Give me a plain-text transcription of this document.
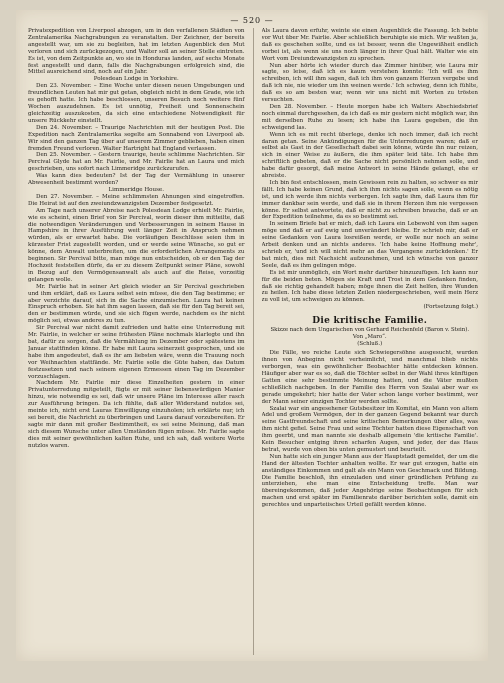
— 520 —

Privatexpedition von Liverpool abzogen, um in den verfallenen Städten von Zentralamerika Nachgrabungen zu veranstalten. Der Zeichner, der bereits angestellt war, um sie zu begleiten, hat im letzten Augenblick den Mut verloren und sich zurückgezogen, und Walter soll an seiner Stelle eintreten. Es ist, von dem Zeitpunkte an, wo sie in Honduras landen, auf sechs Monate fest angestellt und dann, falls die Nachgrabungen erfolgreich sind, die Mittel ausreichend sind, noch auf ein Jahr.

Polesdean Lodge in Yorkshire.

Den 23. November. – Eine Woche unter diesen neuen Umgebungen und freundlichen Leuten hat mir gut getan, obgleich nicht in dem Grade, wie ich es gehofft hatte. Ich habe beschlossen, unseren Besuch noch weitere fünf Wochen auszudehnen. Es ist unnötig, Freiheit und Sonnenschein gleichzeitig auszukosten, da sich eine entschiedene Notwendigkeit für unsere Rückkehr einstellt.

Den 24. November. – Traurige Nachrichten mit der heutigen Post. Die Expedition nach Zentralamerika segelte am Sonnabend von Liverpool ab. Wir sind den ganzen Tag über auf unserem Zimmer geblieben, haben einen fremden Freund verloren. Walter Hartright hat England verlassen.

Den 25. November. – Gestern traurige, heute schlimme Nachrichten. Sir Percival Glyde hat an Mr. Fairlie, und Mr. Fairlie hat an Laura und mich geschrieben, uns sofort nach Limmeridge zurückzurufen.

Was kann dies bedeuten? Ist der Tag der Vermählung in unserer Abwesenheit bestimmt worden?

Limmeridge House.

Den 27. November. – Meine schlimmsten Ahnungen sind eingetroffen. Die Heirat ist auf den zweiundzwanzigsten Dezember festgesetzt.

Am Tage nach unserer Abreise nach Polesdean Lodge erhielt Mr. Fairlie, wie es scheint, einen Brief von Sir Percival, worin dieser ihm mitteilte, daß die notwendigen Veränderungen und Verbesserungen in seinem Hause in Hampshire in ihrer Ausführung weit länger Zeit in Anspruch nehmen würden, als er erwartet habe. Die vorläufigen Beschlüsse seien ihm in kürzester Frist zugestellt worden, und er werde seine Wünsche, so gut er könne, dem Anwalt unterbreiten, um die erforderlichen Arrangements zu beginnen. Sir Percival bitte, man möge nun entscheiden, ob er den Tag der Hochzeit feststellen dürfe, da er zu diesem Zeitpunkt seiner Pläne, sowohl in Bezug auf den Vermögensanwalt als auch auf die Reise, vorzeitig gelangen wolle.

Mr. Fairlie hat in seiner Art gleich wieder an Sir Percival geschrieben und ihm erklärt, daß es Laura selbst sein müsse, die den Tag bestimme; er aber verzichte darauf, sich in die Sache einzumischen. Laura hat keinen Einspruch erhoben. Sie hat ihm sagen lassen, daß sie für den Tag bereit sei, den er bestimmen würde, und sie sich fügen werde, nachdem es ihr nicht möglich sei, etwas anderes zu tun.

Sir Percival war nicht damit zufrieden und hatte eine Unterredung mit Mr. Fairlie, in welcher er seine frühesten Pläne nochmals klarlegte und ihn bat, dafür zu sorgen, daß die Vermählung im Dezember oder spätestens im Januar stattfinden könne. Er habe mit Laura seinerzeit gesprochen, und sie habe ihm angedeutet, daß es ihr am liebsten wäre, wenn die Trauung noch vor Weihnachten stattfände. Mr. Fairlie solle die Güte haben, das Datum festzusetzen und nach seinem eigenen Ermessen einen Tag im Dezember vorzuschlagen.

Nachdem Mr. Fairlie mir diese Einzelheiten gestern in einer Privatunterredung mitgeteilt, fügte er mit seiner liebenswürdigen Manier hinzu, wie notwendig es sei, daß wir unsere Pläne im Interesse aller rasch zur Ausführung bringen. Da ich fühlte, daß aller Widerstand nutzlos sei, meinte ich, nicht erst Lauras Einwilligung einzuholen; ich erklärte nur, ich sei bereit, die Nachricht zu überbringen und Laura darauf vorzubereiten. Er sagte mir dann mit großer Bestimmtheit, es sei seine Meinung, daß man sich diesem Wunsche unter allen Umständen fügen müsse. Mr. Fairlie sagte dies mit seiner gewöhnlichen kalten Ruhe, und ich sah, daß weitere Worte nutzlos waren.

Als Laura davon erfuhr, weinte sie einen Augenblick die Fassung. Ich bebte vor Wut über Mr. Fairlie. Aber schließlich beruhigte sie mich. Wir wußten ja, daß es geschehen sollte, und es ist besser, wenn die Ungewißheit endlich vorbei ist, als wenn sie uns noch länger in ihrer Qual hält. Walter wie ein Wort vom Dreiundzwanzigsten zu sprechen.

Nun aber hörte ich wieder durch das Zimmer hinüber, wie Laura mir sagte, so leise, daß ich es kaum verstehen konnte: 'Ich will es ihm schreiben, ich will ihm sagen, daß ich ihm von ganzem Herzen vergebe und daß ich nie, nie wieder um ihn weinen werde.' Ich schwieg, denn ich fühlte, daß es so am besten war, wenn wir uns nicht mit Worten zu trösten versuchten.

Den 28. November. – Heute morgen habe ich Walters Abschiedsbrief noch einmal durchgesehen, da ich daß es mir gestern nicht möglich war, ihn mit derselben Ruhe zu lesen; ich habe ihn Laura gegeben, die ihn schweigend las.

Wenn ich es mit recht überlege, denke ich noch immer, daß ich recht daran getan. Seine Ankündigungen für die Unterredungen waren; daß er selbst als Gast in der Gesellschaft dabei sein könne, würde ihn nur reizen, sich in einer Weise zu äußern, die ihm später leid täte. Ich habe ihm schriftlich gebeten, daß er die Sache nicht persönlich nehmen solle, und habe dafür gesorgt, daß meine Antwort in seine Hände gelangt, ehe er abreiste.

Ich bin fest entschlossen, mein Gewissen rein zu halten, so schwer es mir fällt. Ich habe keinen Grund, daß ich ihm nichts sagen solle, wenn es nötig ist, und ich werde ihm nichts verbergen. Ich sagte ihm, daß Laura ihm für immer dankbar sein werde, und daß sie in ihrem Herzen ihm nie vergessen könne. Er selbst antwortete, daß er nicht zu schreiben brauche, daß er an der Expedition teilnehme, da es so bestimmt sei.

In seinem Briefe bat er mich, daß ich Laura ein Lebewohl von ihm sagen möge und daß er auf ewig und unverändert bleibe. Er schrieb mir, daß er seine Gedanken von Laura losreißen werde, er wolle nur noch an seine Arbeit denken und an nichts anderes. 'Ich habe keine Hoffnung mehr', schrieb er, 'und ich will nicht mehr an das Vergangene zurückdenken.' Er bat mich, dies mit Nachsicht aufzunehmen, und ich wünsche von ganzer Seele, daß es ihm gelingen möge.

Es ist mir unmöglich, ein Wort mehr darüber hinzuzufügen. Ich kann nur für die beiden beten. Mögen sie Kraft und Trost in dem Gedanken finden, daß sie richtig gehandelt haben; möge ihnen die Zeit helfen, ihre Wunden zu heilen. Ich habe diese letzten Zeilen niedergeschrieben, weil mein Herz zu voll ist, um schweigen zu können.

(Fortsetzung folgt.)
Die kritische Familie.
Skizze nach dem Ungarischen von Gerhard Reichenfeld (Baron v. Stein).
Von „Maro“.
(Schluß.)

Die Fälle, wo reiche Leute sich Schwiegersöhne ausgesucht, wurden ihnen von Anbeginn nicht verheimlicht, und manchmal blieb nichts verborgen, was ein gewöhnlicher Beobachter hätte entdecken können. Häufiger aber war es so, daß die Töchter selbst in der Wahl ihres künftigen Gatten eine sehr bestimmte Meinung hatten, und die Väter mußten schließlich nachgeben. In der Familie des Herrn von Szalai aber war es gerade umgekehrt; hier hatte der Vater schon lange vorher bestimmt, wer der Mann seiner einzigen Tochter werden sollte.

Szalai war ein angesehener Gutsbesitzer im Komitat, ein Mann von altem Adel und großem Vermögen, der in der ganzen Gegend bekannt war durch seine Gastfreundschaft und seine kritischen Bemerkungen über alles, was ihm nicht gefiel. Seine Frau und seine Töchter hatten diese Eigenschaft von ihm geerbt, und man nannte sie deshalb allgemein 'die kritische Familie'. Kein Besucher entging ihren scharfen Augen, und jeder, der das Haus betrat, wurde von oben bis unten gemustert und beurteilt.

Nun hatte sich ein junger Mann aus der Hauptstadt gemeldet, der um die Hand der ältesten Tochter anhalten wollte. Er war gut erzogen, hatte ein anständiges Einkommen und galt als ein Mann von Geschmack und Bildung. Die Familie beschloß, ihn einzuladen und einer gründlichen Prüfung zu unterziehen, ehe man eine Entscheidung treffe. Man war übereingekommen, daß jeder Angehörige seine Beobachtungen für sich machen und erst später im Familienrate darüber berichten solle, damit ein gerechtes und unparteiisches Urteil gefällt werden könne.
